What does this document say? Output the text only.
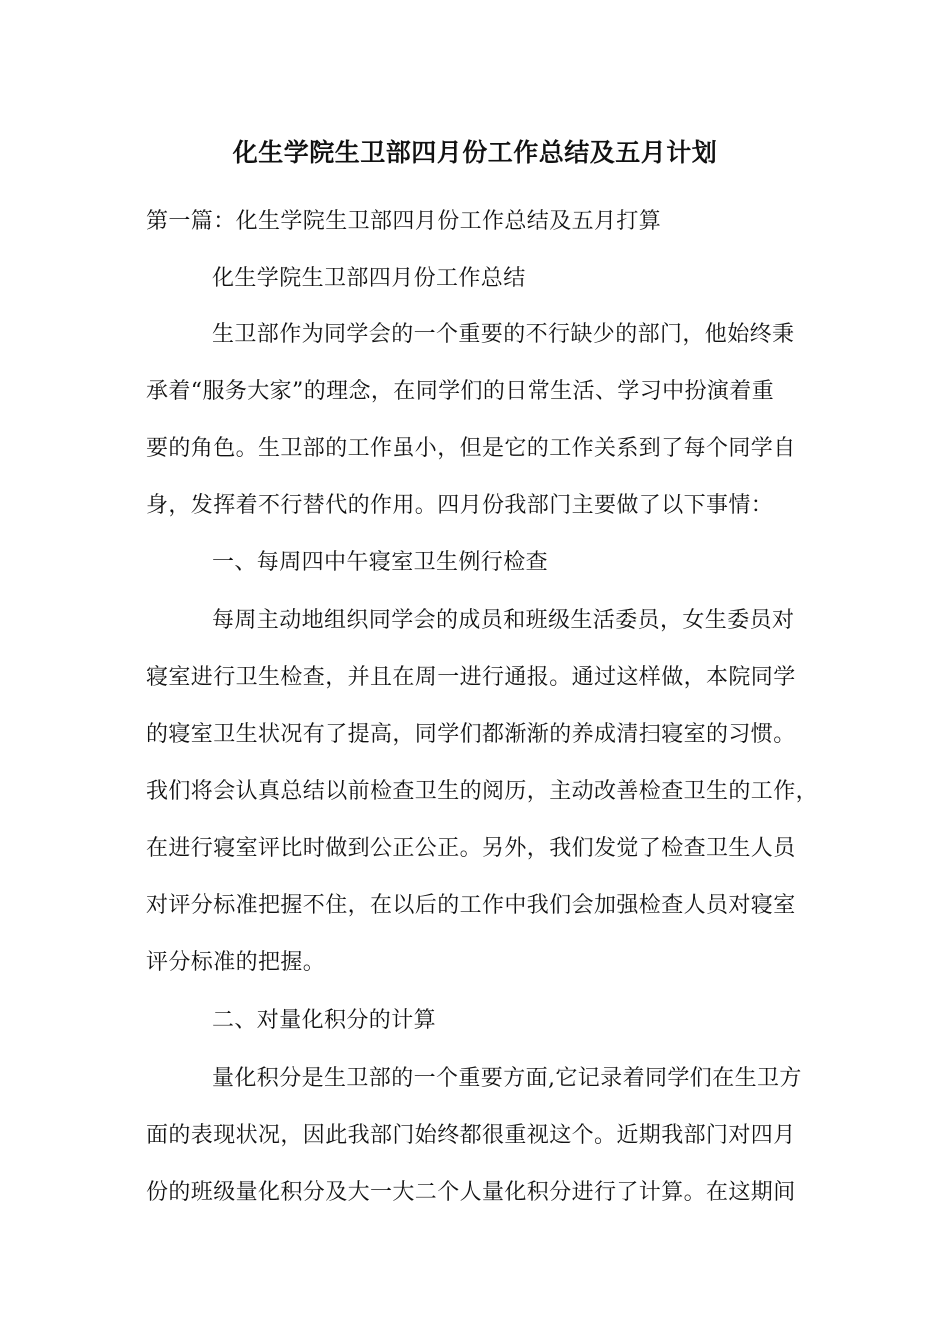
化生学院生卫部四月份工作总结及五月计划
第一篇：化生学院生卫部四月份工作总结及五月打算
化生学院生卫部四月份工作总结
生卫部作为同学会的一个重要的不行缺少的部门，他始终秉
承着“服务大家”的理念，在同学们的日常生活、学习中扮演着重
要的角色。生卫部的工作虽小，但是它的工作关系到了每个同学自
身，发挥着不行替代的作用。四月份我部门主要做了以下事情：
一、每周四中午寝室卫生例行检查
每周主动地组织同学会的成员和班级生活委员，女生委员对
寝室进行卫生检查，并且在周一进行通报。通过这样做，本院同学
的寝室卫生状况有了提高，同学们都渐渐的养成清扫寝室的习惯。
我们将会认真总结以前检查卫生的阅历，主动改善检查卫生的工作，
在进行寝室评比时做到公正公正。另外，我们发觉了检查卫生人员
对评分标准把握不住，在以后的工作中我们会加强检查人员对寝室
评分标准的把握。
二、对量化积分的计算
量化积分是生卫部的一个重要方面,它记录着同学们在生卫方
面的表现状况，因此我部门始终都很重视这个。近期我部门对四月
份的班级量化积分及大一大二个人量化积分进行了计算。在这期间
